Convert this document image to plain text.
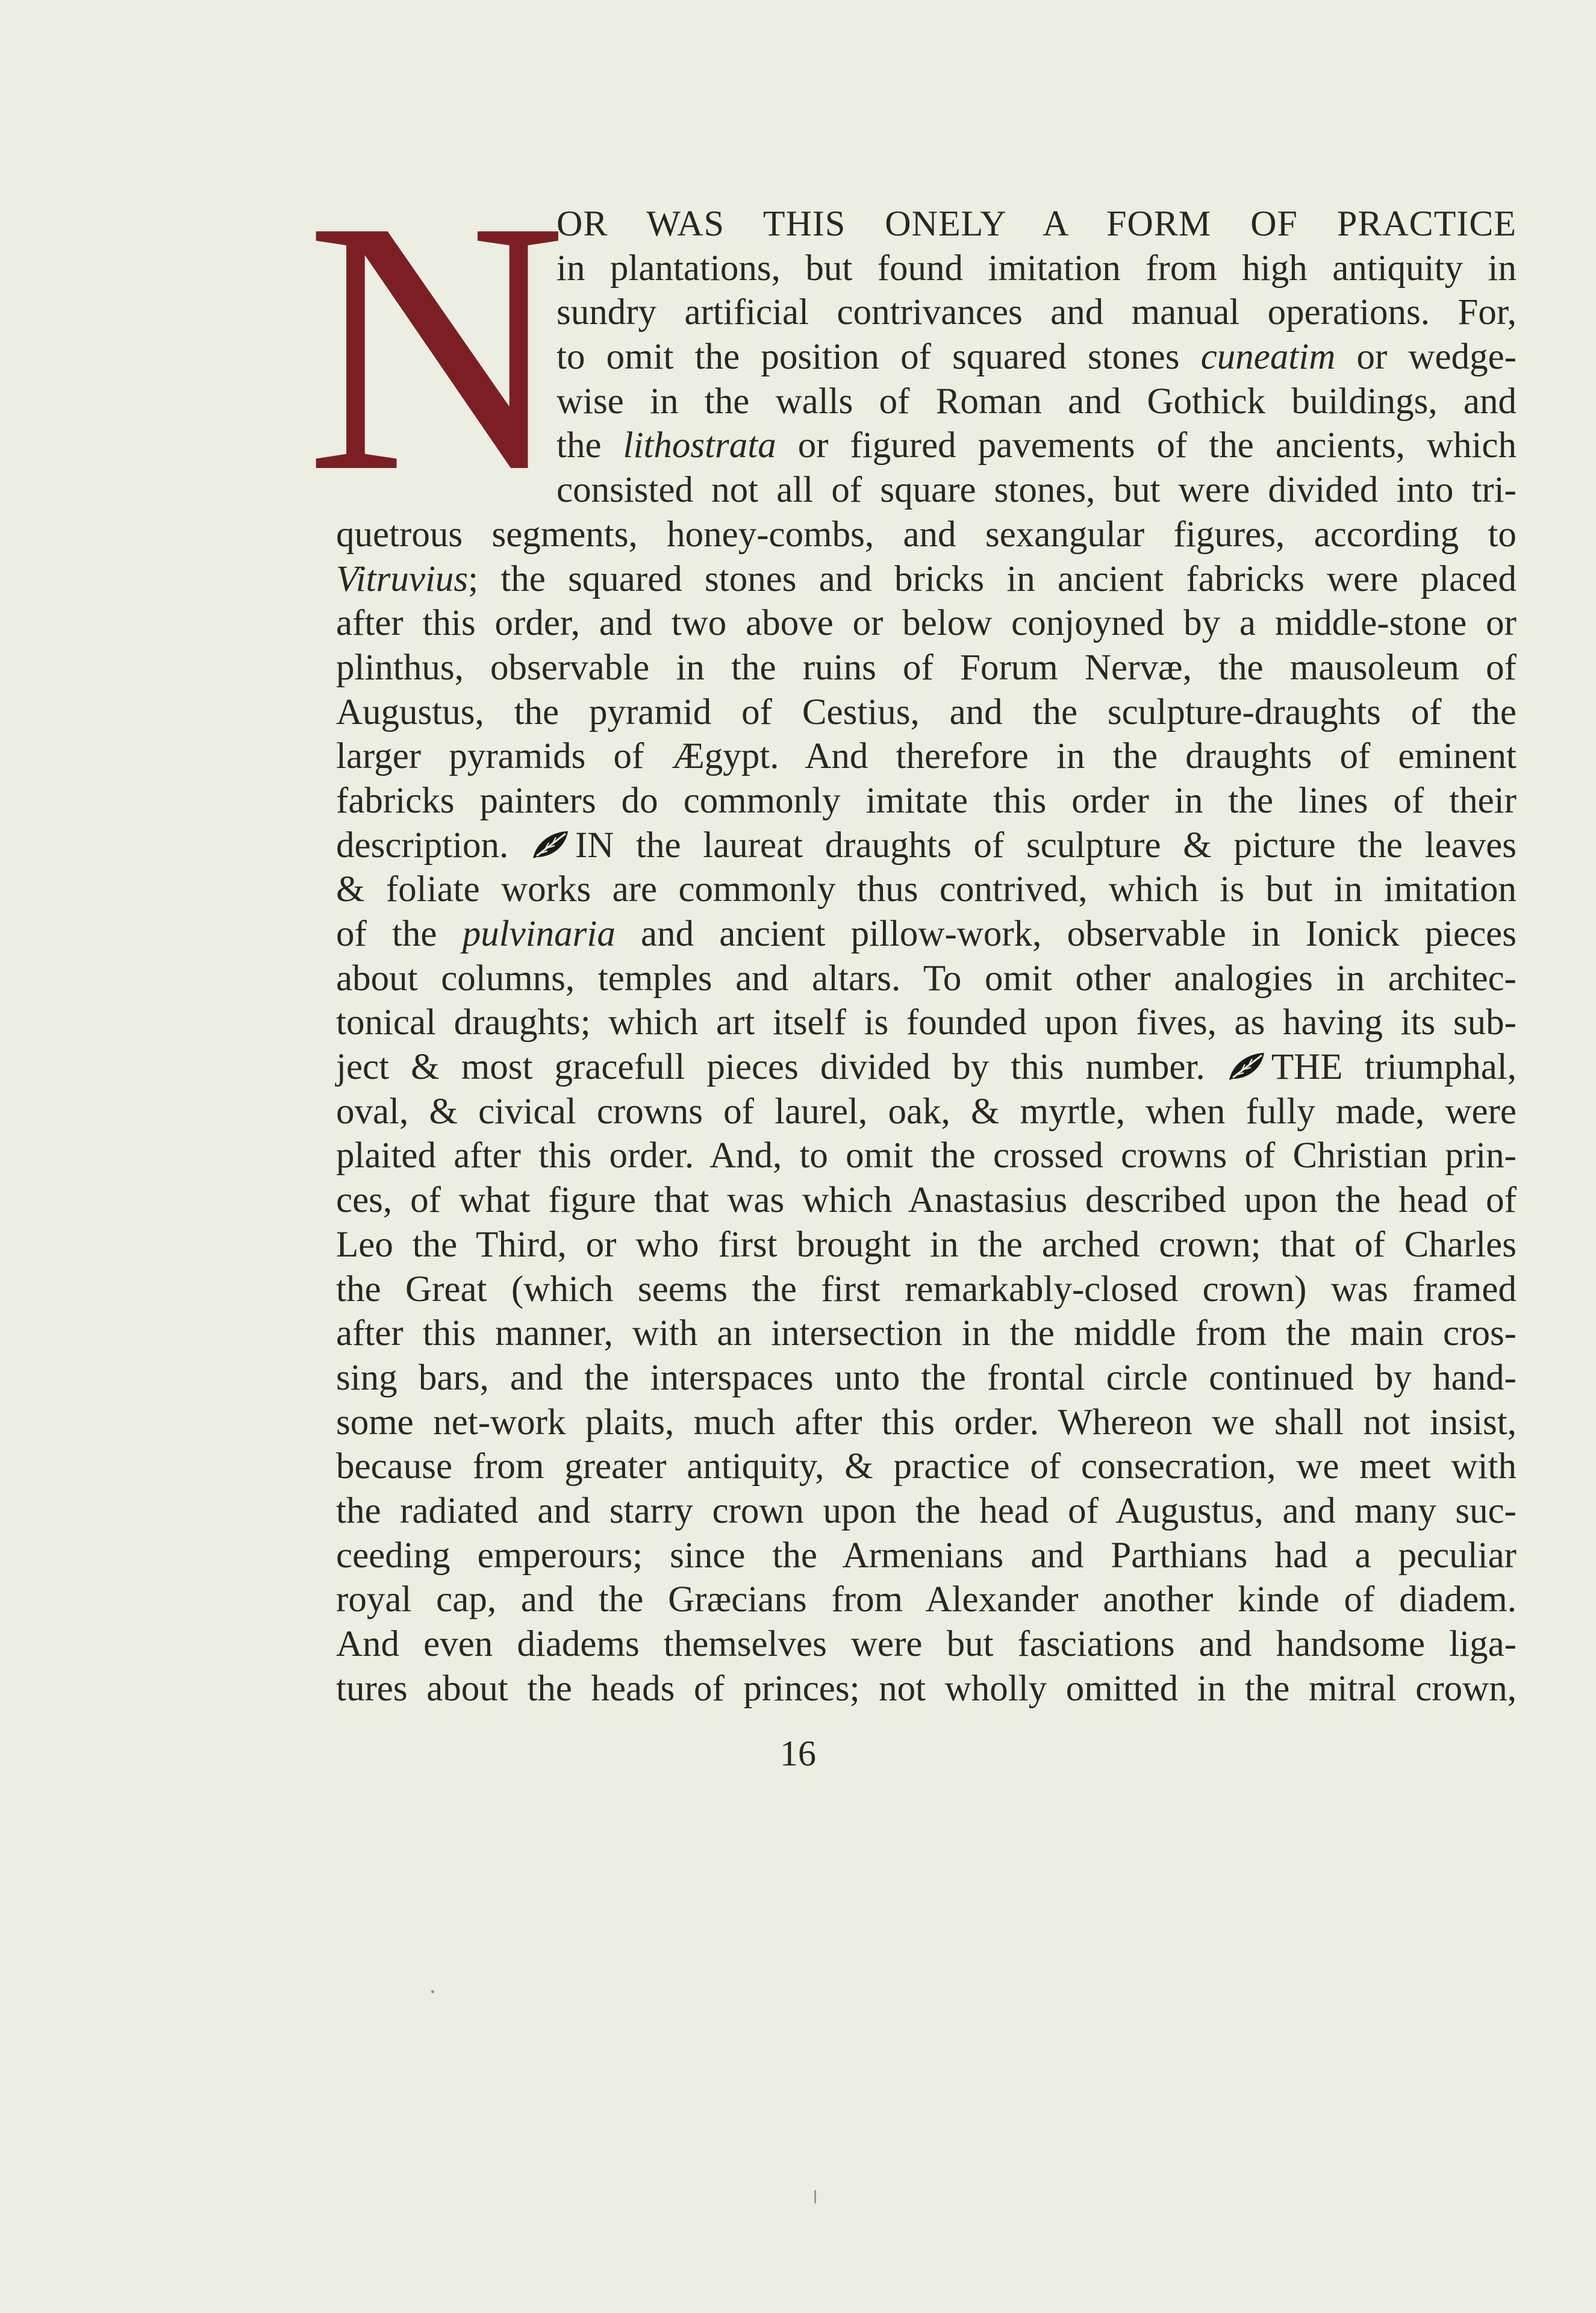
N
OR WAS THIS ONELY A FORM OF PRACTICE
in plantations, but found imitation from high antiquity in
sundry artificial contrivances and manual operations. For,
to omit the position of squared stones cuneatim or wedge-
wise in the walls of Roman and Gothick buildings, and
the lithostrata or figured pavements of the ancients, which
consisted not all of square stones, but were divided into tri-
quetrous segments, honey-combs, and sexangular figures, according to
Vitruvius; the squared stones and bricks in ancient fabricks were placed
after this order, and two above or below conjoyned by a middle-stone or
plinthus, observable in the ruins of Forum Nervæ, the mausoleum of
Augustus, the pyramid of Cestius, and the sculpture-draughts of the
larger pyramids of Ægypt. And therefore in the draughts of eminent
fabricks painters do commonly imitate this order in the lines of their
description. IN the laureat draughts of sculpture & picture the leaves
& foliate works are commonly thus contrived, which is but in imitation
of the pulvinaria and ancient pillow-work, observable in Ionick pieces
about columns, temples and altars. To omit other analogies in architec-
tonical draughts; which art itself is founded upon fives, as having its sub-
ject & most gracefull pieces divided by this number. THE triumphal,
oval, & civical crowns of laurel, oak, & myrtle, when fully made, were
plaited after this order. And, to omit the crossed crowns of Christian prin-
ces, of what figure that was which Anastasius described upon the head of
Leo the Third, or who first brought in the arched crown; that of Charles
the Great (which seems the first remarkably-closed crown) was framed
after this manner, with an intersection in the middle from the main cros-
sing bars, and the interspaces unto the frontal circle continued by hand-
some net-work plaits, much after this order. Whereon we shall not insist,
because from greater antiquity, & practice of consecration, we meet with
the radiated and starry crown upon the head of Augustus, and many suc-
ceeding emperours; since the Armenians and Parthians had a peculiar
royal cap, and the Græcians from Alexander another kinde of diadem.
And even diadems themselves were but fasciations and handsome liga-
tures about the heads of princes; not wholly omitted in the mitral crown,
16
